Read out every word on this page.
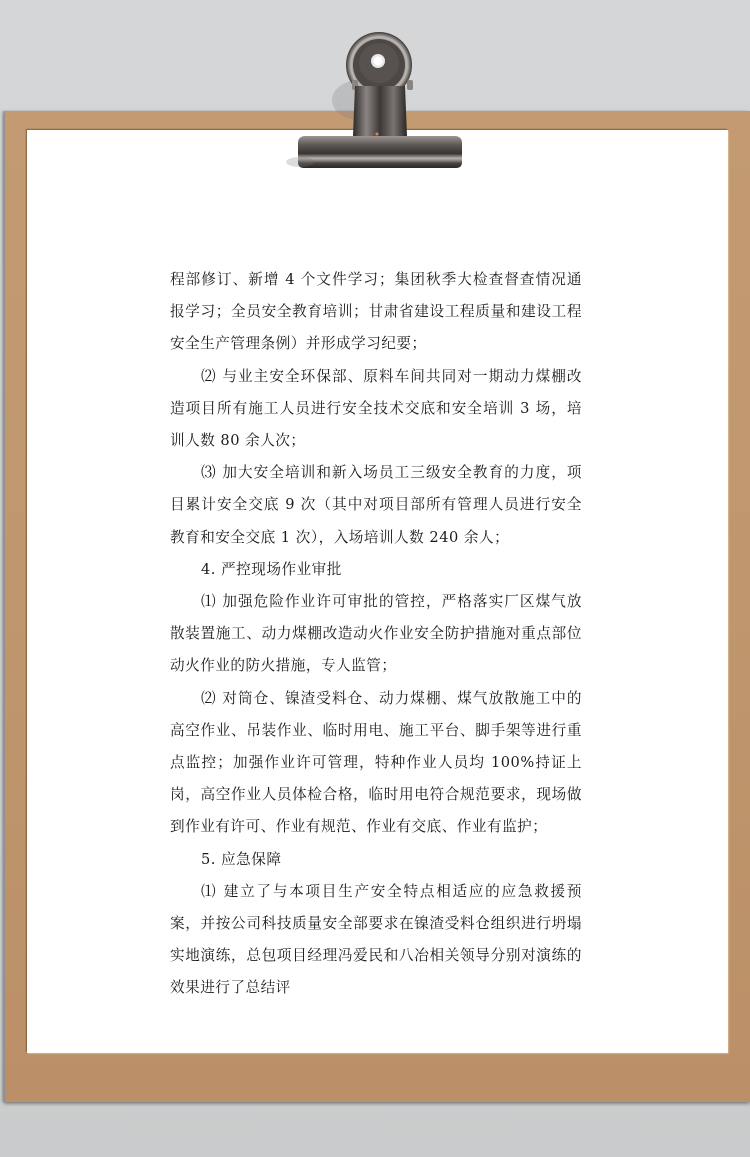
程部修订、新增 4 个文件学习；集团秋季大检查督查情况通报学习；全员安全教育培训；甘肃省建设工程质量和建设工程安全生产管理条例）并形成学习纪要；

⑵ 与业主安全环保部、原料车间共同对一期动力煤棚改造项目所有施工人员进行安全技术交底和安全培训 3 场，培训人数 80 余人次；

⑶ 加大安全培训和新入场员工三级安全教育的力度，项目累计安全交底 9 次（其中对项目部所有管理人员进行安全教育和安全交底 1 次），入场培训人数 240 余人；

4. 严控现场作业审批

⑴ 加强危险作业许可审批的管控，严格落实厂区煤气放散装置施工、动力煤棚改造动火作业安全防护措施对重点部位动火作业的防火措施，专人监管；

⑵ 对筒仓、镍渣受料仓、动力煤棚、煤气放散施工中的高空作业、吊装作业、临时用电、施工平台、脚手架等进行重点监控；加强作业许可管理，特种作业人员均 100%持证上岗，高空作业人员体检合格，临时用电符合规范要求，现场做到作业有许可、作业有规范、作业有交底、作业有监护；

5. 应急保障

⑴ 建立了与本项目生产安全特点相适应的应急救援预案，并按公司科技质量安全部要求在镍渣受料仓组织进行坍塌实地演练，总包项目经理冯爱民和八冶相关领导分别对演练的效果进行了总结评
